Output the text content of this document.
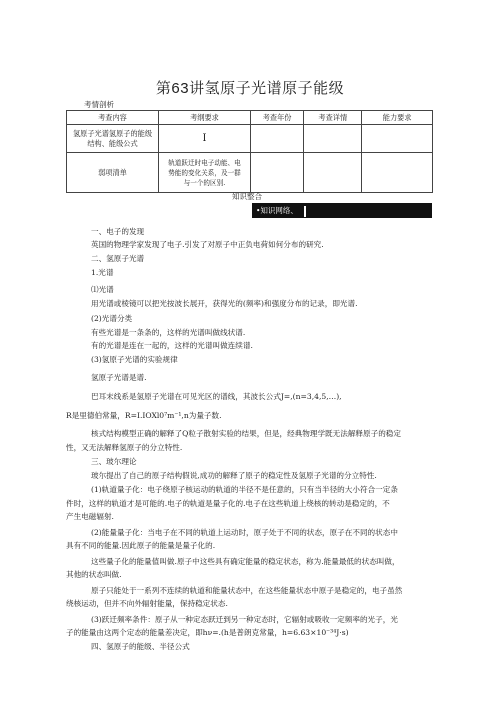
第63讲氢原子光谱原子能级
考情剖析
考查内容	考纲要求	考查年份	考查详情	能力要求

氢原子光谱氢原子的能级
结构、能级公式	I			
弱项清单	轨道跃迁时电子动能、电
势能的变化关系，及一群
与一个的区别.			

知识整合
•知识网络、
一、电子的发现
英国的物理学家发现了电子.引发了对原子中正负电荷如何分布的研究.
二、氢原子光谱
1.光谱
⑴光谱
用光谱或棱镜可以把光按波长展开，获得光的(频率)和强度分布的记录，即光谱.
(2)光谱分类
有些光谱是一条条的，这样的光谱叫做线状谱.
有的光谱是连在一起的，这样的光谱叫做连续谱.
(3)氢原子光谱的实验规律
氢原子光谱是谱.
巴耳末线系是氢原子光谱在可见光区的谱线，其波长公式J=,(n=3,4,5,…),
R是里德伯常量，R=I.IOXl0⁷m⁻¹,n为量子数.
核式结构模型正确的解释了Q粒子散射实验的结果，但是，经典物理学既无法解释原子的稳定
性，又无法解释氢原子的分立特性.
三、玻尔理论
玻尔提出了自己的原子结构假说,成功的解释了原子的稳定性及氢原子光谱的分立特性.
(1)轨道量子化：电子绕原子核运动的轨道的半径不是任意的，只有当半径的大小符合一定条
件时，这样的轨道才是可能的.电子的轨道是量子化的.电子在这些轨道上绕核的转动是稳定的，不
产生电磁辐射.
(2)能量量子化：当电子在不同的轨道上运动时，原子处于不同的状态，原子在不同的状态中
具有不同的能量.因此原子的能量是量子化的.
这些量子化的能量值叫做.原子中这些具有确定能量的稳定状态，称为.能量最低的状态叫做，
其他的状态叫做.
原子只能处于一系列不连续的轨道和能量状态中，在这些能量状态中原子是稳定的，电子虽然
绕核运动，但并不向外辐射能量，保持稳定状态.
(3)跃迁频率条件：原子从一种定态跃迁到另一种定态时，它辐射或吸收一定频率的光子，光
子的能量由这两个定态的能量差决定，即hν=.(h是普朗克常量，h=6.63×10⁻³⁴J·s)
四、氢原子的能级、半径公式
